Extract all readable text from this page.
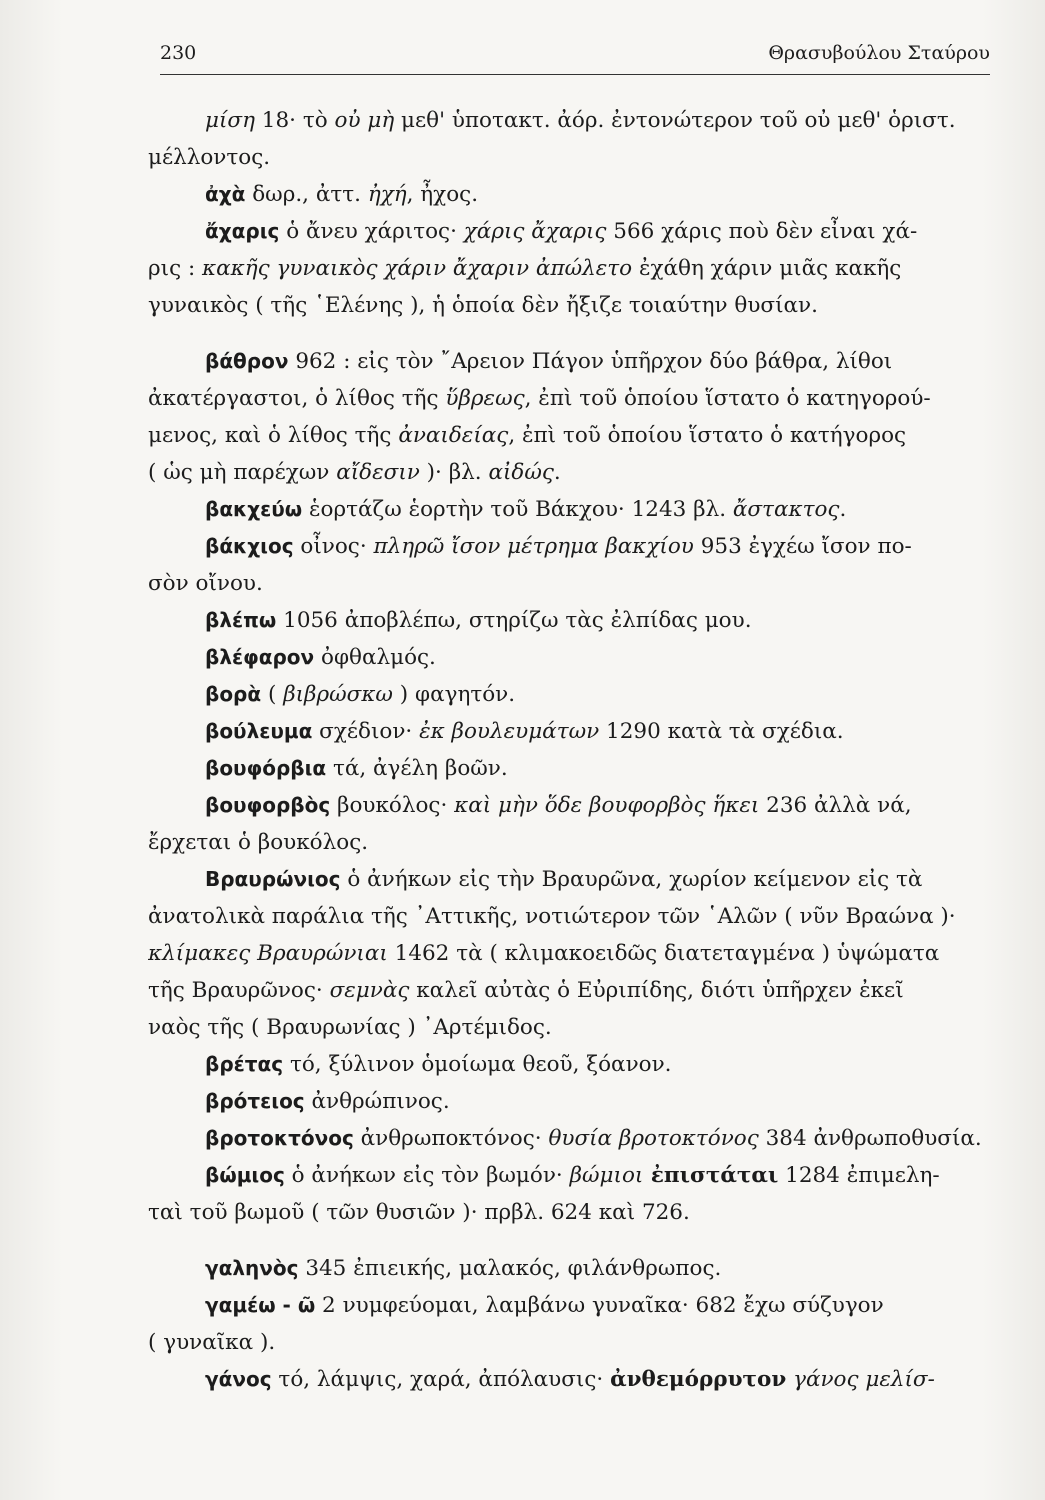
230	Θρασυβούλου Σταύρου
μίση 18· τὸ οὐ μὴ μεθ' ὑποτακτ. ἀόρ. ἐντονώτερον τοῦ οὐ μεθ' ὁριστ.
μέλλοντος.
ἀχὰ δωρ., ἀττ. ἠχή, ἦχος.
ἄχαρις ὁ ἄνευ χάριτος· χάρις ἄχαρις 566 χάρις ποὺ δὲν εἶναι χά-
ρις : κακῆς γυναικὸς χάριν ἄχαριν ἀπώλετο ἐχάθη χάριν μιᾶς κακῆς
γυναικὸς ( τῆς ῾Ελένης ), ἡ ὁποία δὲν ἤξιζε τοιαύτην θυσίαν.
βάθρον 962 : εἰς τὸν ῎Αρειον Πάγον ὑπῆρχον δύο βάθρα, λίθοι
ἀκατέργαστοι, ὁ λίθος τῆς ὕβρεως, ἐπὶ τοῦ ὁποίου ἵστατο ὁ κατηγορού-
μενος, καὶ ὁ λίθος τῆς ἀναιδείας, ἐπὶ τοῦ ὁποίου ἵστατο ὁ κατήγορος
( ὡς μὴ παρέχων αἴδεσιν )· βλ. αἰδώς.
βακχεύω ἑορτάζω ἑορτὴν τοῦ Βάκχου· 1243 βλ. ἄστακτος.
βάκχιος οἶνος· πληρῶ ἴσον μέτρημα βακχίου 953 ἐγχέω ἴσον πο-
σὸν οἴνου.
βλέπω 1056 ἀποβλέπω, στηρίζω τὰς ἐλπίδας μου.
βλέφαρον ὀφθαλμός.
βορὰ ( βιβρώσκω ) φαγητόν.
βούλευμα σχέδιον· ἐκ βουλευμάτων 1290 κατὰ τὰ σχέδια.
βουφόρβια τά, ἀγέλη βοῶν.
βουφορβὸς βουκόλος· καὶ μὴν ὅδε βουφορβὸς ἥκει 236 ἀλλὰ νά,
ἔρχεται ὁ βουκόλος.
Βραυρώνιος ὁ ἀνήκων εἰς τὴν Βραυρῶνα, χωρίον κείμενον εἰς τὰ
ἀνατολικὰ παράλια τῆς ᾽Αττικῆς, νοτιώτερον τῶν ῾Αλῶν ( νῦν Βραώνα )·
κλίμακες Βραυρώνιαι 1462 τὰ ( κλιμακοειδῶς διατεταγμένα ) ὑψώματα
τῆς Βραυρῶνος· σεμνὰς καλεῖ αὐτὰς ὁ Εὐριπίδης, διότι ὑπῆρχεν ἐκεῖ
ναὸς τῆς ( Βραυρωνίας ) ᾽Αρτέμιδος.
βρέτας τό, ξύλινον ὁμοίωμα θεοῦ, ξόανον.
βρότειος ἀνθρώπινος.
βροτοκτόνος ἀνθρωποκτόνος· θυσία βροτοκτόνος 384 ἀνθρωποθυσία.
βώμιος ὁ ἀνήκων εἰς τὸν βωμόν· βώμιοι ἐπιστάται 1284 ἐπιμελη-
ταὶ τοῦ βωμοῦ ( τῶν θυσιῶν )· πρβλ. 624 καὶ 726.
γαληνὸς 345 ἐπιεικής, μαλακός, φιλάνθρωπος.
γαμέω - ῶ 2 νυμφεύομαι, λαμβάνω γυναῖκα· 682 ἔχω σύζυγον
( γυναῖκα ).
γάνος τό, λάμψις, χαρά, ἀπόλαυσις· ἀνθεμόρρυτον γάνος μελίσ-
